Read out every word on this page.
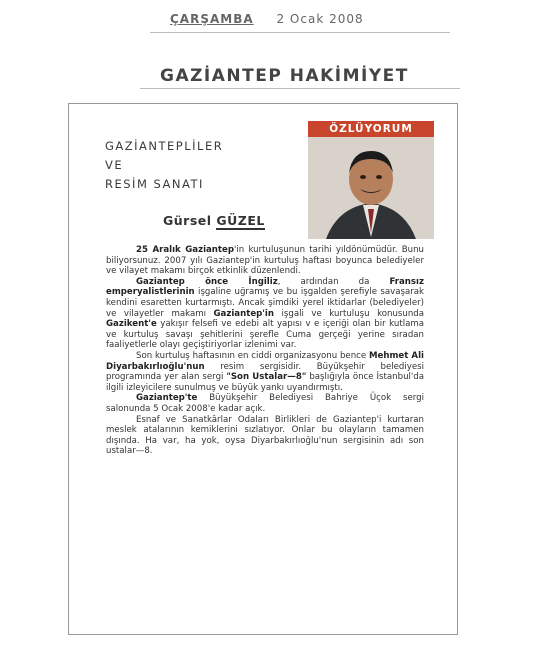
ÇARŞAMBA 2 Ocak 2008
GAZİANTEP HAKİMİYET
GAZİANTEPLİLER
VE
RESİM SANATI
Gürsel GÜZEL
ÖZLÜYORUM

25 Aralık Gaziantep'in kurtuluşunun tarihi yıldönümüdür. Bunu biliyorsunuz. 2007 yılı Gaziantep'in kurtuluş haftası boyunca belediyeler ve vilayet makamı birçok etkinlik düzenlendi.

Gaziantep önce İngiliz, ardından da Fransız emperyalistlerinin işgaline uğramış ve bu işgalden şerefiyle savaşarak kendini esaretten kurtarmıştı. Ancak şimdiki yerel iktidarlar (belediyeler) ve vilayetler makamı Gaziantep'in işgali ve kurtuluşu konusunda Gazikent'e yakışır felsefi ve edebi alt yapısı v e içeriği olan bir kutlama ve kurtuluş savaşı şehitlerini şerefle Cuma gerçeği yerine sıradan faaliyetlerle olayı geçiştiriyorlar izlenimi var.

Son kurtuluş haftasının en ciddi organizasyonu bence Mehmet Ali Diyarbakırlıoğlu'nun resim sergisidir. Büyükşehir belediyesi programında yer alan sergi "Son Ustalar—8" başlığıyla önce İstanbul'da ilgili izleyicilere sunulmuş ve büyük yankı uyandırmıştı.

Gaziantep'te Büyükşehir Belediyesi Bahriye Üçok sergi salonunda 5 Ocak 2008'e kadar açık.

Esnaf ve Sanatkârlar Odaları Birlikleri de Gaziantep'i kurtaran meslek atalarının kemiklerini sızlatıyor. Onlar bu olayların tamamen dışında. Ha var, ha yok, oysa Diyarbakırlıoğlu'nun sergisinin adı son ustalar—8.
